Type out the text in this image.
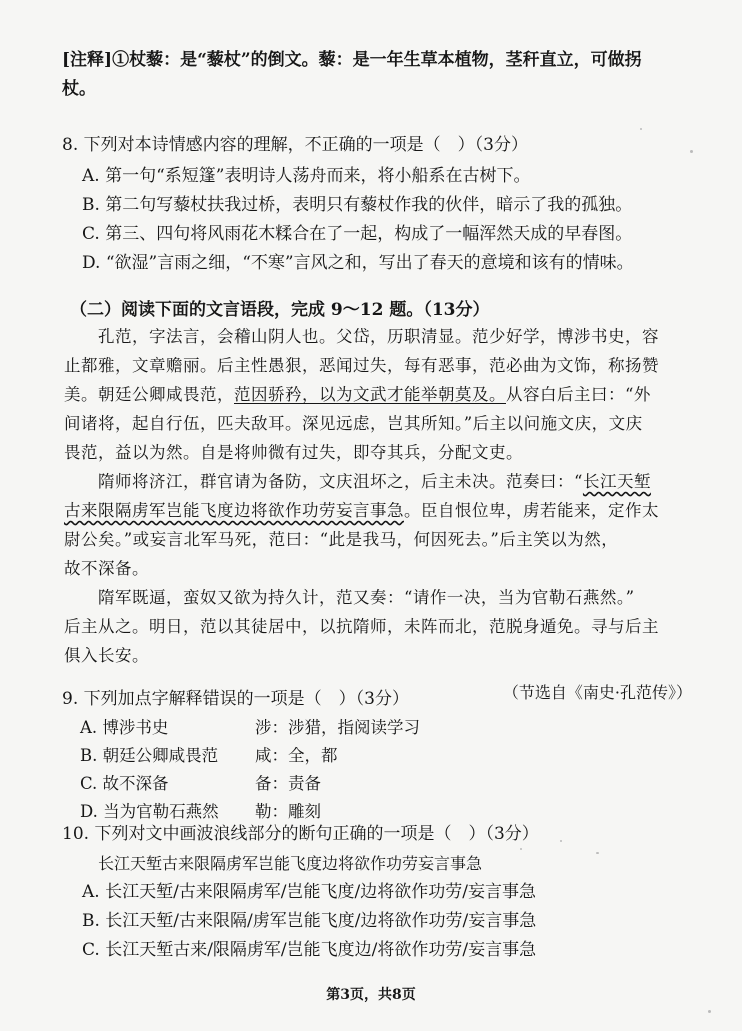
[注释]①杖藜：是“藜杖”的倒文。藜：是一年生草本植物，茎秆直立，可做拐
杖。
8. 下列对本诗情感内容的理解，不正确的一项是（　）（3分）
A. 第一句“系短篷”表明诗人荡舟而来，将小船系在古树下。
B. 第二句写藜杖扶我过桥，表明只有藜杖作我的伙伴，暗示了我的孤独。
C. 第三、四句将风雨花木糅合在了一起，构成了一幅浑然天成的早春图。
D. “欲湿”言雨之细，“不寒”言风之和，写出了春天的意境和该有的情味。
（二）阅读下面的文言语段，完成 9～12 题。（13分）
孔范，字法言，会稽山阴人也。父岱，历职清显。范少好学，博涉书史，容
止都雅，文章赡丽。后主性愚狠，恶闻过失，每有恶事，范必曲为文饰，称扬赞
美。朝廷公卿咸畏范，范因骄矜，以为文武才能举朝莫及。从容白后主曰：“外
间诸将，起自行伍，匹夫敌耳。深见远虑，岂其所知。”后主以问施文庆，文庆
畏范，益以为然。自是将帅微有过失，即夺其兵，分配文吏。
隋师将济江，群官请为备防，文庆沮坏之，后主未决。范奏曰：“长江天堑
古来限隔虏军岂能飞度边将欲作功劳妄言事急。臣自恨位卑，虏若能来，定作太
尉公矣。”或妄言北军马死，范曰：“此是我马，何因死去。”后主笑以为然，
故不深备。
隋军既逼，蛮奴又欲为持久计，范又奏：“请作一决，当为官勒石燕然。”
后主从之。明日，范以其徒居中，以抗隋师，未阵而北，范脱身遁免。寻与后主
俱入长安。
（节选自《南史·孔范传》）
9. 下列加点字解释错误的一项是（　）（3分）
A. 博涉书史	涉：涉猎，指阅读学习
B. 朝廷公卿咸畏范	咸：全，都
C. 故不深备	备：责备
D. 当为官勒石燕然	勒：雕刻
10. 下列对文中画波浪线部分的断句正确的一项是（　）（3分）
长江天堑古来限隔虏军岂能飞度边将欲作功劳妄言事急
A. 长江天堑/古来限隔虏军/岂能飞度/边将欲作功劳/妄言事急
B. 长江天堑/古来限隔/虏军岂能飞度/边将欲作功劳/妄言事急
C. 长江天堑古来/限隔虏军/岂能飞度边/将欲作功劳/妄言事急
第3页，共8页
